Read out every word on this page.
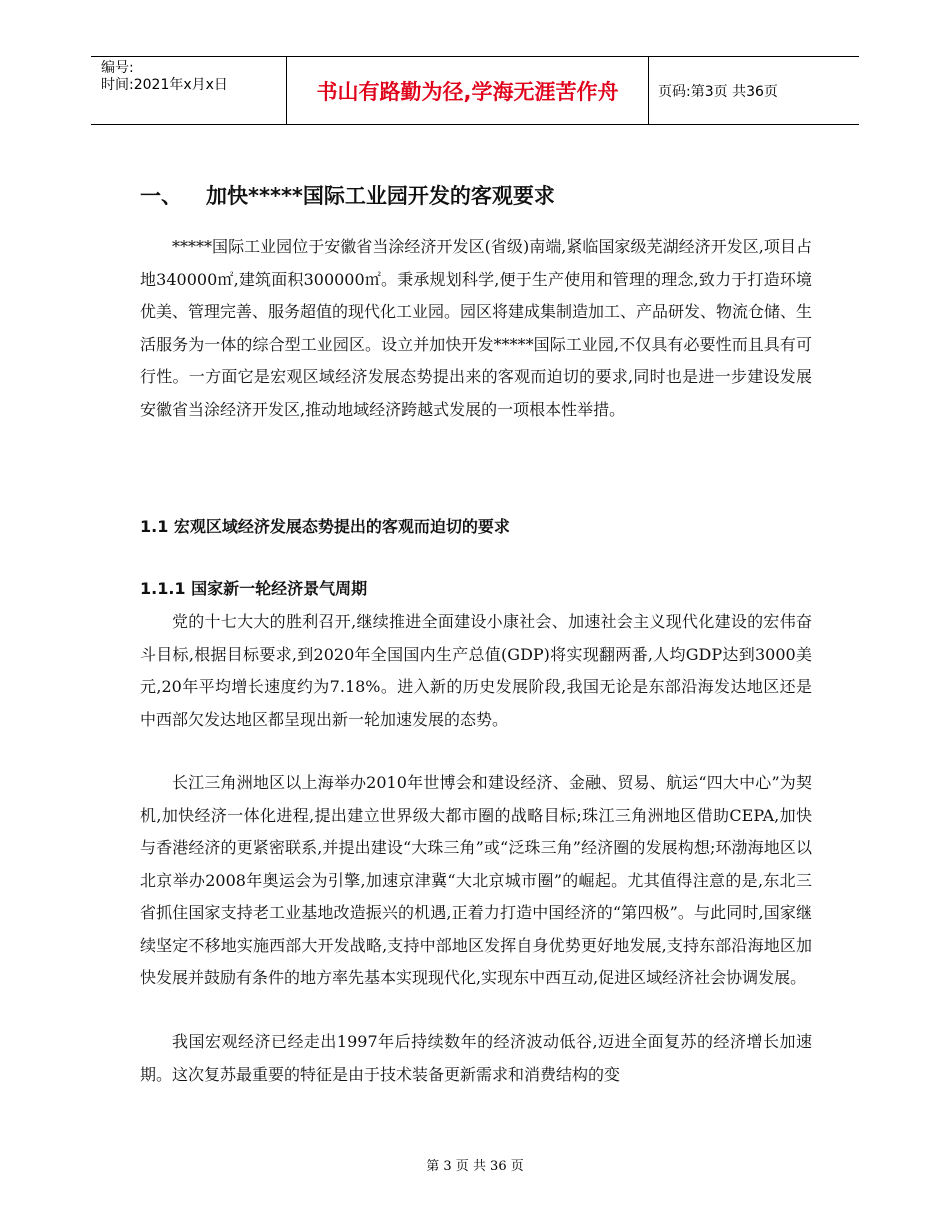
编号:
时间:2021年x月x日	书山有路勤为径,学海无涯苦作舟	页码:第3页 共36页
一、 加快*****国际工业园开发的客观要求

*****国际工业园位于安徽省当涂经济开发区(省级)南端,紧临国家级芜湖经济开发区,项目占地340000㎡,建筑面积300000㎡。秉承规划科学,便于生产使用和管理的理念,致力于打造环境优美、管理完善、服务超值的现代化工业园。园区将建成集制造加工、产品研发、物流仓储、生活服务为一体的综合型工业园区。设立并加快开发*****国际工业园,不仅具有必要性而且具有可行性。一方面它是宏观区域经济发展态势提出来的客观而迫切的要求,同时也是进一步建设发展安徽省当涂经济开发区,推动地域经济跨越式发展的一项根本性举措。

1.1 宏观区域经济发展态势提出的客观而迫切的要求
1.1.1 国家新一轮经济景气周期

党的十七大大的胜利召开,继续推进全面建设小康社会、加速社会主义现代化建设的宏伟奋斗目标,根据目标要求,到2020年全国国内生产总值(GDP)将实现翻两番,人均GDP达到3000美元,20年平均增长速度约为7.18%。进入新的历史发展阶段,我国无论是东部沿海发达地区还是中西部欠发达地区都呈现出新一轮加速发展的态势。

长江三角洲地区以上海举办2010年世博会和建设经济、金融、贸易、航运“四大中心”为契机,加快经济一体化进程,提出建立世界级大都市圈的战略目标;珠江三角洲地区借助CEPA,加快与香港经济的更紧密联系,并提出建设“大珠三角”或“泛珠三角”经济圈的发展构想;环渤海地区以北京举办2008年奥运会为引擎,加速京津冀“大北京城市圈”的崛起。尤其值得注意的是,东北三省抓住国家支持老工业基地改造振兴的机遇,正着力打造中国经济的“第四极”。与此同时,国家继续坚定不移地实施西部大开发战略,支持中部地区发挥自身优势更好地发展,支持东部沿海地区加快发展并鼓励有条件的地方率先基本实现现代化,实现东中西互动,促进区域经济社会协调发展。

我国宏观经济已经走出1997年后持续数年的经济波动低谷,迈进全面复苏的经济增长加速期。这次复苏最重要的特征是由于技术装备更新需求和消费结构的变

第 3 页 共 36 页
